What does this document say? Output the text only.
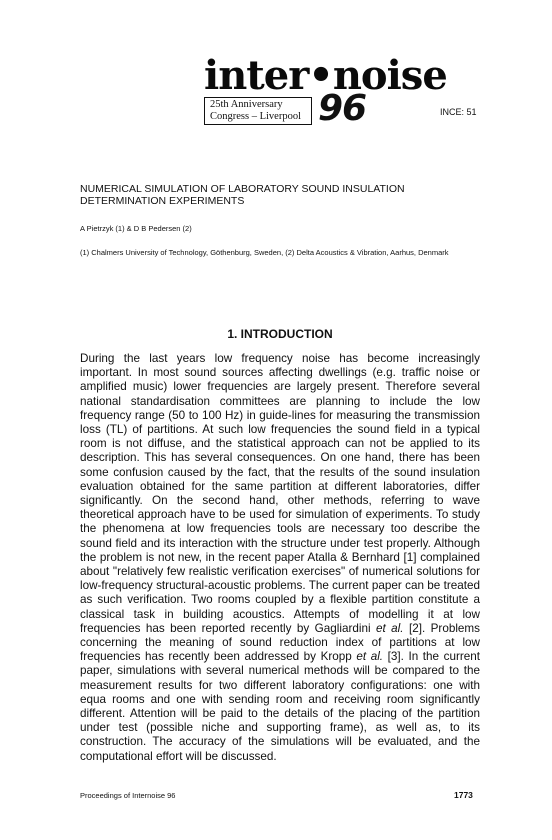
inter•noise
25th Anniversary
Congress – Liverpool 96	INCE: 51
NUMERICAL SIMULATION OF LABORATORY SOUND INSULATION DETERMINATION EXPERIMENTS
A Pietrzyk (1) & D B Pedersen (2)
(1) Chalmers University of Technology, Göthenburg, Sweden, (2) Delta Acoustics & Vibration, Aarhus, Denmark
1. INTRODUCTION
During the last years low frequency noise has become increasingly important. In most sound sources affecting dwellings (e.g. traffic noise or amplified music) lower frequencies are largely present. Therefore several national standardisation committees are planning to include the low frequency range (50 to 100 Hz) in guide-lines for measuring the transmission loss (TL) of partitions. At such low frequencies the sound field in a typical room is not diffuse, and the statistical approach can not be applied to its description. This has several consequences. On one hand, there has been some confusion caused by the fact, that the results of the sound insulation evaluation obtained for the same partition at different laboratories, differ significantly. On the second hand, other methods, referring to wave theoretical approach have to be used for simulation of experiments. To study the phenomena at low frequencies tools are necessary too describe the sound field and its interaction with the structure under test properly. Although the problem is not new, in the recent paper Atalla & Bernhard [1] complained about "relatively few realistic verification exercises" of numerical solutions for low-frequency structural-acoustic problems. The current paper can be treated as such verification. Two rooms coupled by a flexible partition constitute a classical task in building acoustics. Attempts of modelling it at low frequencies has been reported recently by Gagliardini et al. [2]. Problems concerning the meaning of sound reduction index of partitions at low frequencies has recently been addressed by Kropp et al. [3]. In the current paper, simulations with several numerical methods will be compared to the measurement results for two different laboratory configurations: one with equa rooms and one with sending room and receiving room significantly different. Attention will be paid to the details of the placing of the partition under test (possible niche and supporting frame), as well as, to its construction. The accuracy of the simulations will be evaluated, and the computational effort will be discussed.
Proceedings of Internoise 96	1773
